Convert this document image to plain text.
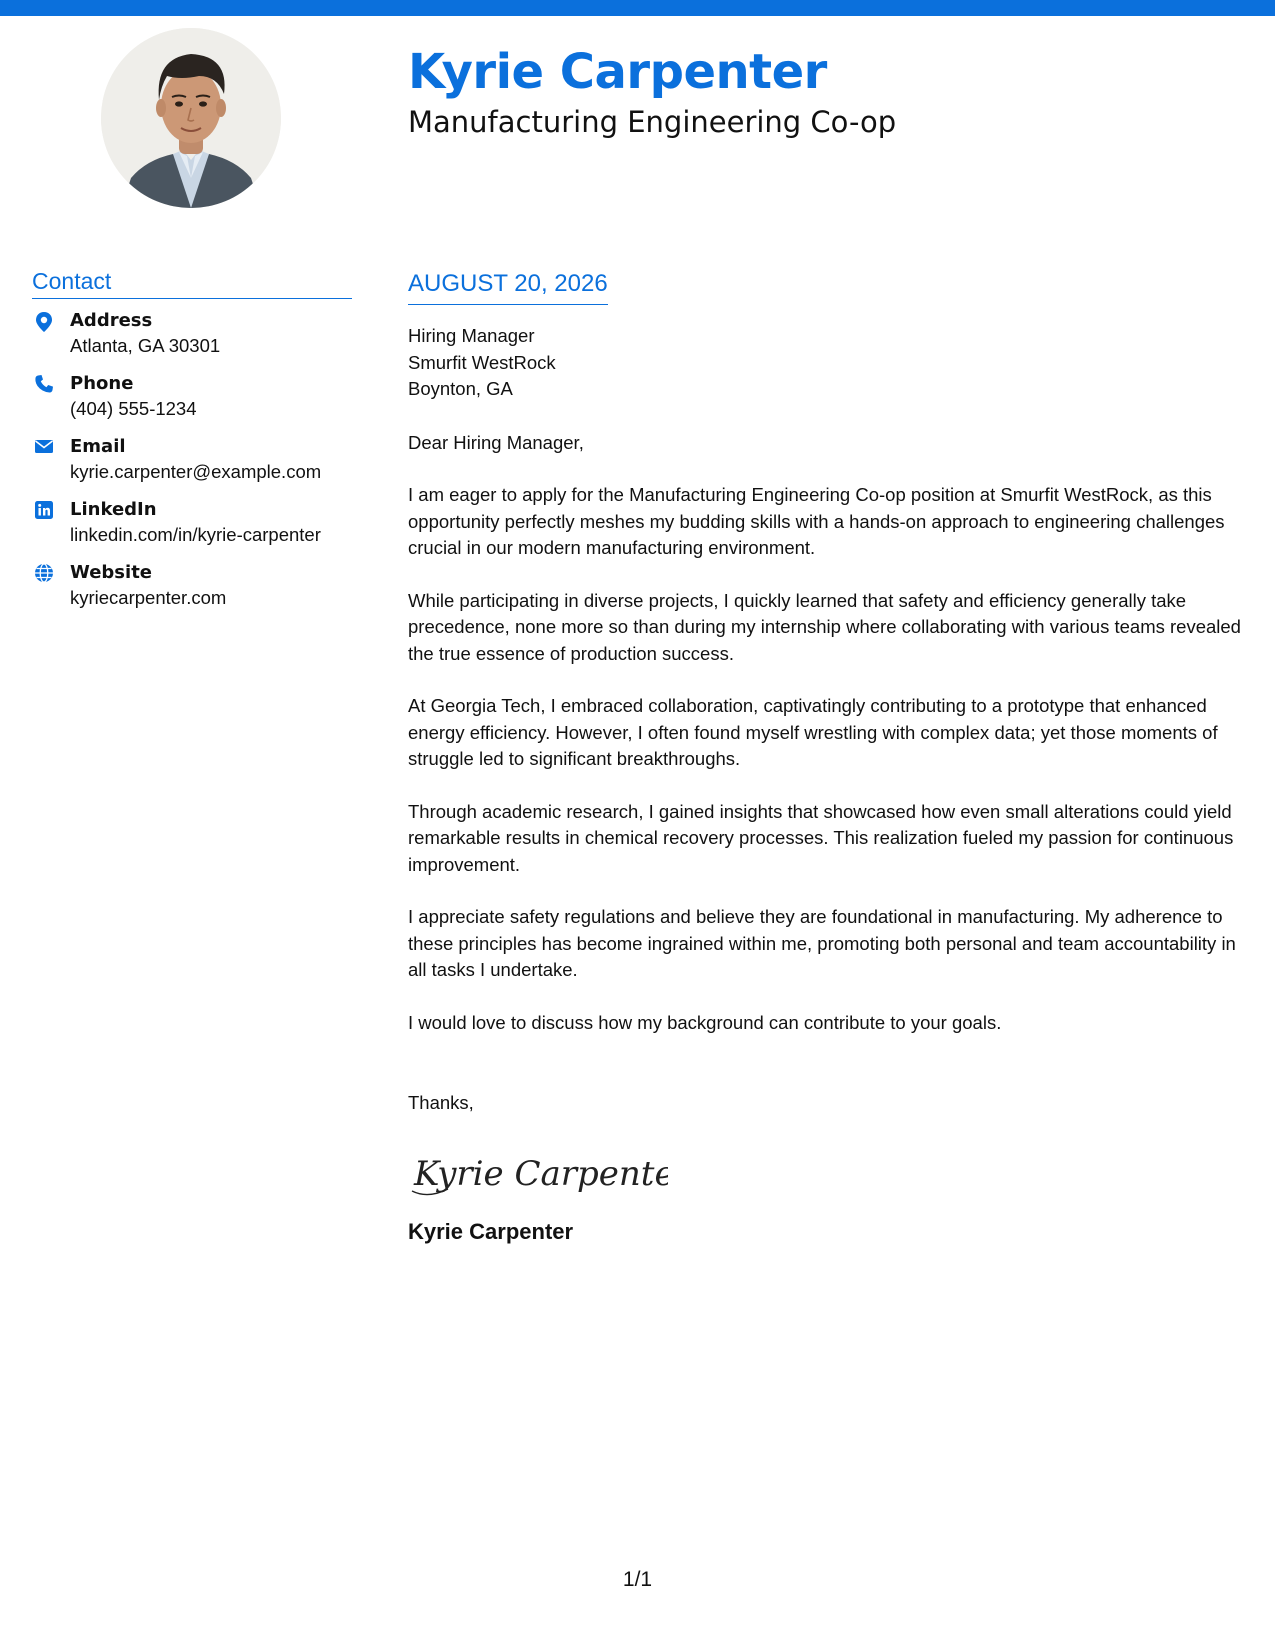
Kyrie Carpenter
Manufacturing Engineering Co-op
Contact
Address
Atlanta, GA 30301
Phone
(404) 555-1234
Email
kyrie.carpenter@example.com
LinkedIn
linkedin.com/in/kyrie-carpenter
Website
kyriecarpenter.com
AUGUST 20, 2026
Hiring Manager
Smurfit WestRock
Boynton, GA
Dear Hiring Manager,

I am eager to apply for the Manufacturing Engineering Co-op position at Smurfit WestRock, as this opportunity perfectly meshes my budding skills with a hands-on approach to engineering challenges crucial in our modern manufacturing environment.

While participating in diverse projects, I quickly learned that safety and efficiency generally take precedence, none more so than during my internship where collaborating with various teams revealed the true essence of production success.

At Georgia Tech, I embraced collaboration, captivatingly contributing to a prototype that enhanced energy efficiency. However, I often found myself wrestling with complex data; yet those moments of struggle led to significant breakthroughs.

Through academic research, I gained insights that showcased how even small alterations could yield remarkable results in chemical recovery processes. This realization fueled my passion for continuous improvement.

I appreciate safety regulations and believe they are foundational in manufacturing. My adherence to these principles has become ingrained within me, promoting both personal and team accountability in all tasks I undertake.

I would love to discuss how my background can contribute to your goals.

Thanks,
Kyrie Carpenter
Kyrie Carpenter
1/1
